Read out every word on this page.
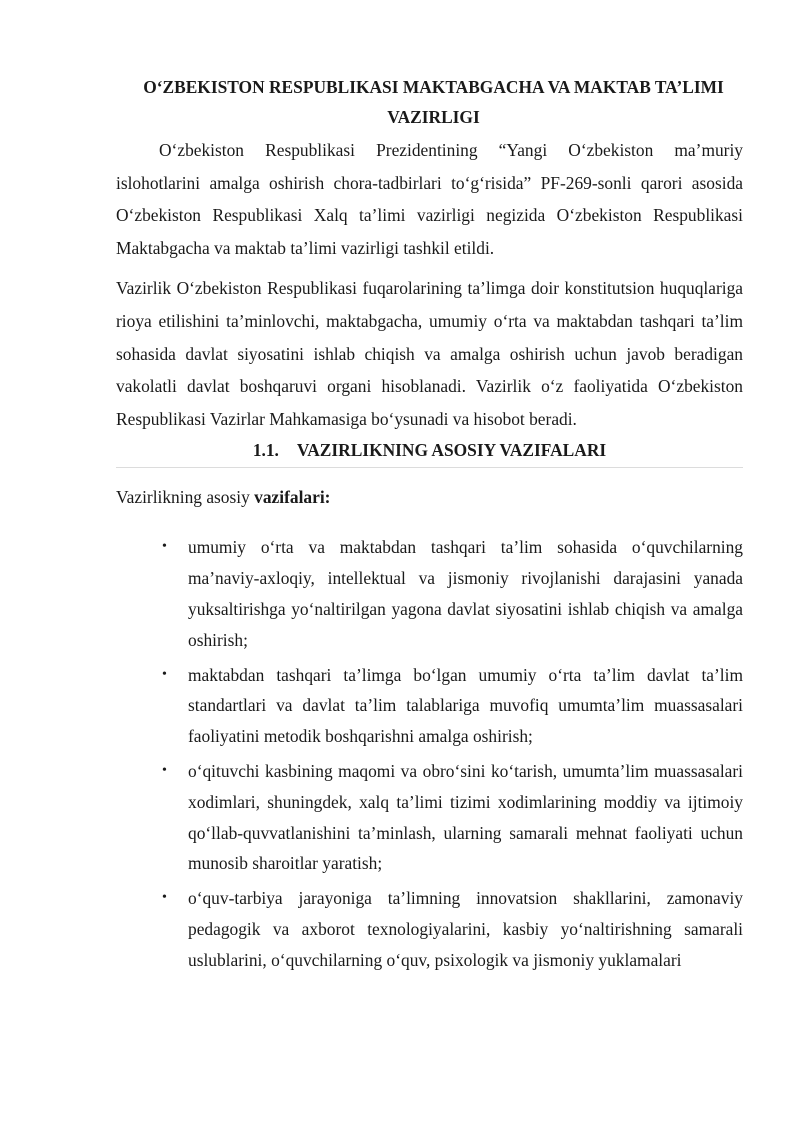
O‘ZBEKISTON RESPUBLIKASI MAKTABGACHA VA MAKTAB TA’LIMI VAZIRLIGI

O‘zbekiston Respublikasi Prezidentining “Yangi O‘zbekiston ma’muriy islohotlarini amalga oshirish chora-tadbirlari to‘g‘risida” PF-269-sonli qarori asosida O‘zbekiston Respublikasi Xalq ta’limi vazirligi negizida O‘zbekiston Respublikasi Maktabgacha va maktab ta’limi vazirligi tashkil etildi.

Vazirlik O‘zbekiston Respublikasi fuqarolarining ta’limga doir konstitutsion huquqlariga rioya etilishini ta’minlovchi, maktabgacha, umumiy o‘rta va maktabdan tashqari ta’lim sohasida davlat siyosatini ishlab chiqish va amalga oshirish uchun javob beradigan vakolatli davlat boshqaruvi organi hisoblanadi. Vazirlik o‘z faoliyatida O‘zbekiston Respublikasi Vazirlar Mahkamasiga bo‘ysunadi va hisobot beradi.

1.1. VAZIRLIKNING ASOSIY VAZIFALARI

Vazirlikning asosiy vazifalari:

• umumiy o‘rta va maktabdan tashqari ta’lim sohasida o‘quvchilarning ma’naviy-axloqiy, intellektual va jismoniy rivojlanishi darajasini yanada yuksaltirishga yo‘naltirilgan yagona davlat siyosatini ishlab chiqish va amalga oshirish;
• maktabdan tashqari ta’limga bo‘lgan umumiy o‘rta ta’lim davlat ta’lim standartlari va davlat ta’lim talablariga muvofiq umumta’lim muassasalari faoliyatini metodik boshqarishni amalga oshirish;
• o‘qituvchi kasbining maqomi va obro‘sini ko‘tarish, umumta’lim muassasalari xodimlari, shuningdek, xalq ta’limi tizimi xodimlarining moddiy va ijtimoiy qo‘llab-quvvatlanishini ta’minlash, ularning samarali mehnat faoliyati uchun munosib sharoitlar yaratish;
• o‘quv-tarbiya jarayoniga ta’limning innovatsion shakllarini, zamonaviy pedagogik va axborot texnologiyalarini, kasbiy yo‘naltirishning samarali uslublarini, o‘quvchilarning o‘quv, psixologik va jismoniy yuklamalari
